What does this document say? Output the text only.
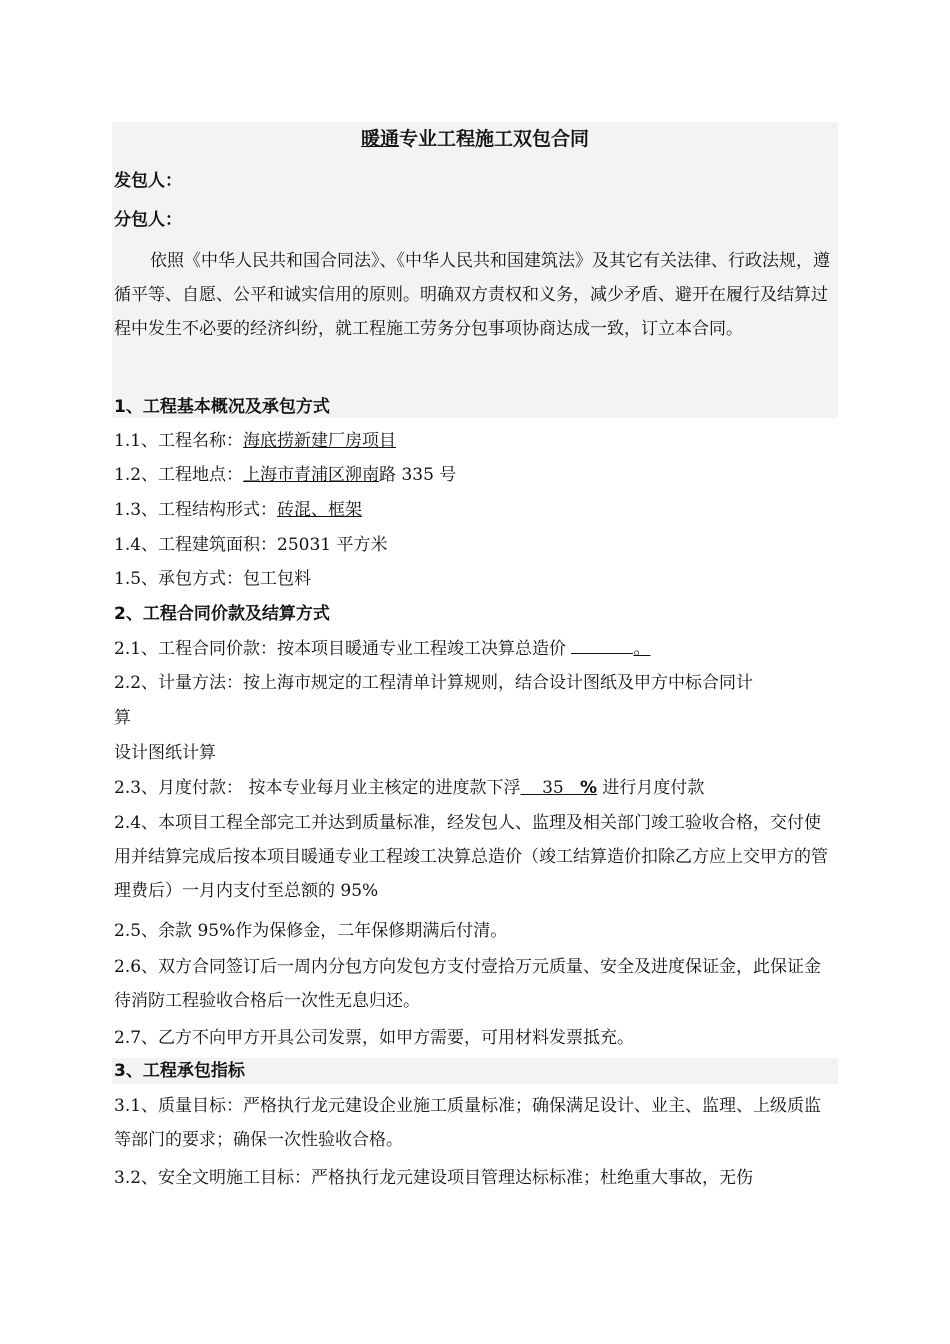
暖通专业工程施工双包合同
发包人：
分包人：
依照《中华人民共和国合同法》、《中华人民共和国建筑法》及其它有关法律、行政法规，遵循平等、自愿、公平和诚实信用的原则。明确双方责权和义务，减少矛盾、避开在履行及结算过程中发生不必要的经济纠纷，就工程施工劳务分包事项协商达成一致，订立本合同。
1、工程基本概况及承包方式
1.1、工程名称：海底捞新建厂房项目
1.2、工程地点：上海市青浦区泖南路 335 号
1.3、工程结构形式：砖混、框架
1.4、工程建筑面积：25031 平方米
1.5、承包方式：包工包料
2、工程合同价款及结算方式
2.1、工程合同价款：按本项目暖通专业工程竣工决算总造价	。
2.2、计量方法：按上海市规定的工程清单计算规则，结合设计图纸及甲方中标合同计
算
设计图纸计算
2.3、月度付款： 按本专业每月业主核定的进度款下浮 35 % 进行月度付款
2.4、本项目工程全部完工并达到质量标准，经发包人、监理及相关部门竣工验收合格，交付使用并结算完成后按本项目暖通专业工程竣工决算总造价（竣工结算造价扣除乙方应上交甲方的管理费后）一月内支付至总额的 95%
2.5、余款 95%作为保修金，二年保修期满后付清。
2.6、双方合同签订后一周内分包方向发包方支付壹拾万元质量、安全及进度保证金，此保证金待消防工程验收合格后一次性无息归还。
2.7、乙方不向甲方开具公司发票，如甲方需要，可用材料发票抵充。
3、工程承包指标
3.1、质量目标：严格执行龙元建设企业施工质量标准；确保满足设计、业主、监理、上级质监等部门的要求；确保一次性验收合格。
3.2、安全文明施工目标：严格执行龙元建设项目管理达标标准；杜绝重大事故，无伤
